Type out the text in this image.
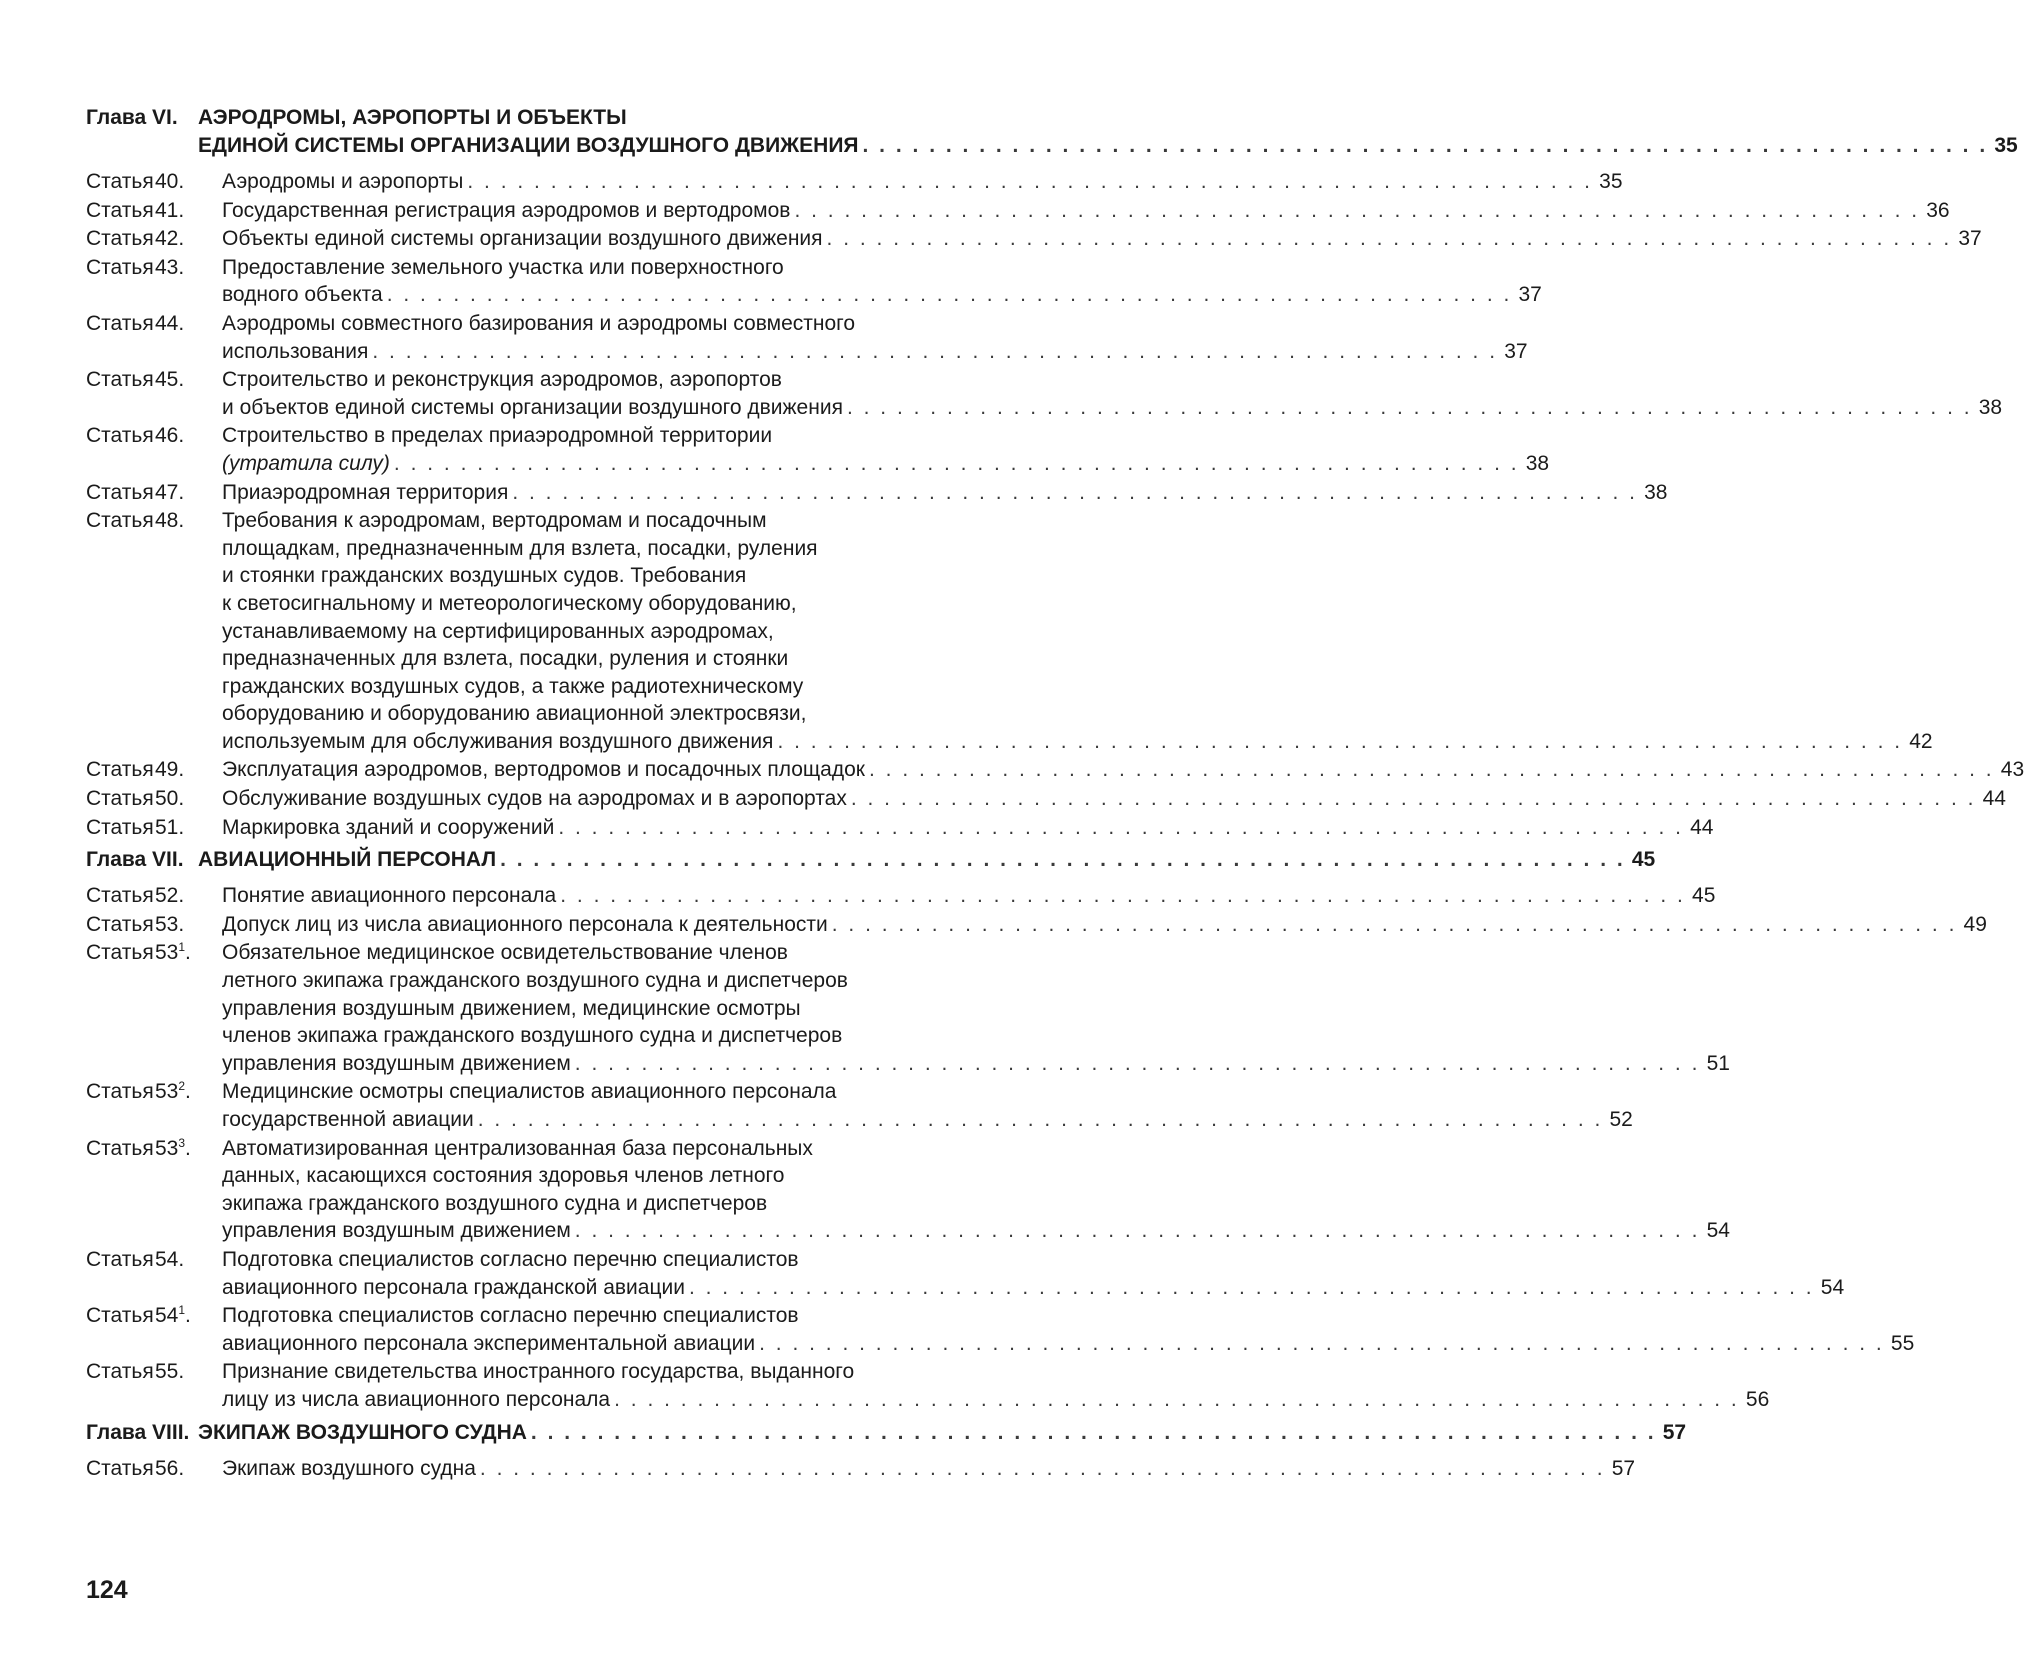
Глава VI. АЭРОДРОМЫ, АЭРОПОРТЫ И ОБЪЕКТЫ
ЕДИНОЙ СИСТЕМЫ ОРГАНИЗАЦИИ ВОЗДУШНОГО ДВИЖЕНИЯ . . . . . . . . . . . . . . . . . . . . . . . . . . . . . . . . . . . . . . . . . . . . . . . . . . . . . . . . . . . . . . . . . . . . 35
Статья 40. Аэродромы и аэропорты . . . . . . . . . . . . . . . . . . . . . . . . . . . . . . . . . . . . . . . . . . . . . . . . . . . . . . . . . . . . . . . . . . . . 35
Статья 41. Государственная регистрация аэродромов и вертодромов . . . . . . . . . . . . . . . . . . . . . . . . . . . . . . . . . . . . . . . . . . . . . . . . . . . . . . . . . . . . . . . . . . . . 36
Статья 42. Объекты единой системы организации воздушного движения . . . . . . . . . . . . . . . . . . . . . . . . . . . . . . . . . . . . . . . . . . . . . . . . . . . . . . . . . . . . . . . . . . . . 37
Статья 43. Предоставление земельного участка или поверхностного
водного объекта . . . . . . . . . . . . . . . . . . . . . . . . . . . . . . . . . . . . . . . . . . . . . . . . . . . . . . . . . . . . . . . . . . . . 37
Статья 44. Аэродромы совместного базирования и аэродромы совместного
использования . . . . . . . . . . . . . . . . . . . . . . . . . . . . . . . . . . . . . . . . . . . . . . . . . . . . . . . . . . . . . . . . . . . . 37
Статья 45. Строительство и реконструкция аэродромов, аэропортов
и объектов единой системы организации воздушного движения . . . . . . . . . . . . . . . . . . . . . . . . . . . . . . . . . . . . . . . . . . . . . . . . . . . . . . . . . . . . . . . . . . . . 38
Статья 46. Строительство в пределах приаэродромной территории
(утратила силу) . . . . . . . . . . . . . . . . . . . . . . . . . . . . . . . . . . . . . . . . . . . . . . . . . . . . . . . . . . . . . . . . . . . . 38
Статья 47. Приаэродромная территория . . . . . . . . . . . . . . . . . . . . . . . . . . . . . . . . . . . . . . . . . . . . . . . . . . . . . . . . . . . . . . . . . . . . 38
Статья 48. Требования к аэродромам, вертодромам и посадочным
площадкам, предназначенным для взлета, посадки, руления
и стоянки гражданских воздушных судов. Требования
к светосигнальному и метеорологическому оборудованию,
устанавливаемому на сертифицированных аэродромах,
предназначенных для взлета, посадки, руления и стоянки
гражданских воздушных судов, а также радиотехническому
оборудованию и оборудованию авиационной электросвязи,
используемым для обслуживания воздушного движения . . . . . . . . . . . . . . . . . . . . . . . . . . . . . . . . . . . . . . . . . . . . . . . . . . . . . . . . . . . . . . . . . . . . 42
Статья 49. Эксплуатация аэродромов, вертодромов и посадочных площадок . . . . . . . . . . . . . . . . . . . . . . . . . . . . . . . . . . . . . . . . . . . . . . . . . . . . . . . . . . . . . . . . . . . . 43
Статья 50. Обслуживание воздушных судов на аэродромах и в аэропортах . . . . . . . . . . . . . . . . . . . . . . . . . . . . . . . . . . . . . . . . . . . . . . . . . . . . . . . . . . . . . . . . . . . . 44
Статья 51. Маркировка зданий и сооружений . . . . . . . . . . . . . . . . . . . . . . . . . . . . . . . . . . . . . . . . . . . . . . . . . . . . . . . . . . . . . . . . . . . . 44
Глава VII. АВИАЦИОННЫЙ ПЕРСОНАЛ . . . . . . . . . . . . . . . . . . . . . . . . . . . . . . . . . . . . . . . . . . . . . . . . . . . . . . . . . . . . . . . . . . . . 45
Статья 52. Понятие авиационного персонала . . . . . . . . . . . . . . . . . . . . . . . . . . . . . . . . . . . . . . . . . . . . . . . . . . . . . . . . . . . . . . . . . . . . 45
Статья 53. Допуск лиц из числа авиационного персонала к деятельности . . . . . . . . . . . . . . . . . . . . . . . . . . . . . . . . . . . . . . . . . . . . . . . . . . . . . . . . . . . . . . . . . . . . 49
Статья $53^1$. Обязательное медицинское освидетельствование членов
летного экипажа гражданского воздушного судна и диспетчеров
управления воздушным движением, медицинские осмотры
членов экипажа гражданского воздушного судна и диспетчеров
управления воздушным движением . . . . . . . . . . . . . . . . . . . . . . . . . . . . . . . . . . . . . . . . . . . . . . . . . . . . . . . . . . . . . . . . . . . . 51
Статья $53^2$. Медицинские осмотры специалистов авиационного персонала
государственной авиации . . . . . . . . . . . . . . . . . . . . . . . . . . . . . . . . . . . . . . . . . . . . . . . . . . . . . . . . . . . . . . . . . . . . 52
Статья $53^3$. Автоматизированная централизованная база персональных
данных, касающихся состояния здоровья членов летного
экипажа гражданского воздушного судна и диспетчеров
управления воздушным движением . . . . . . . . . . . . . . . . . . . . . . . . . . . . . . . . . . . . . . . . . . . . . . . . . . . . . . . . . . . . . . . . . . . . 54
Статья 54. Подготовка специалистов согласно перечню специалистов
авиационного персонала гражданской авиации . . . . . . . . . . . . . . . . . . . . . . . . . . . . . . . . . . . . . . . . . . . . . . . . . . . . . . . . . . . . . . . . . . . . 54
Статья $54^1$. Подготовка специалистов согласно перечню специалистов
авиационного персонала экспериментальной авиации . . . . . . . . . . . . . . . . . . . . . . . . . . . . . . . . . . . . . . . . . . . . . . . . . . . . . . . . . . . . . . . . . . . . 55
Статья 55. Признание свидетельства иностранного государства, выданного
лицу из числа авиационного персонала . . . . . . . . . . . . . . . . . . . . . . . . . . . . . . . . . . . . . . . . . . . . . . . . . . . . . . . . . . . . . . . . . . . . 56
Глава VIII. ЭКИПАЖ ВОЗДУШНОГО СУДНА . . . . . . . . . . . . . . . . . . . . . . . . . . . . . . . . . . . . . . . . . . . . . . . . . . . . . . . . . . . . . . . . . . . . 57
Статья 56. Экипаж воздушного судна . . . . . . . . . . . . . . . . . . . . . . . . . . . . . . . . . . . . . . . . . . . . . . . . . . . . . . . . . . . . . . . . . . . . 57
124
